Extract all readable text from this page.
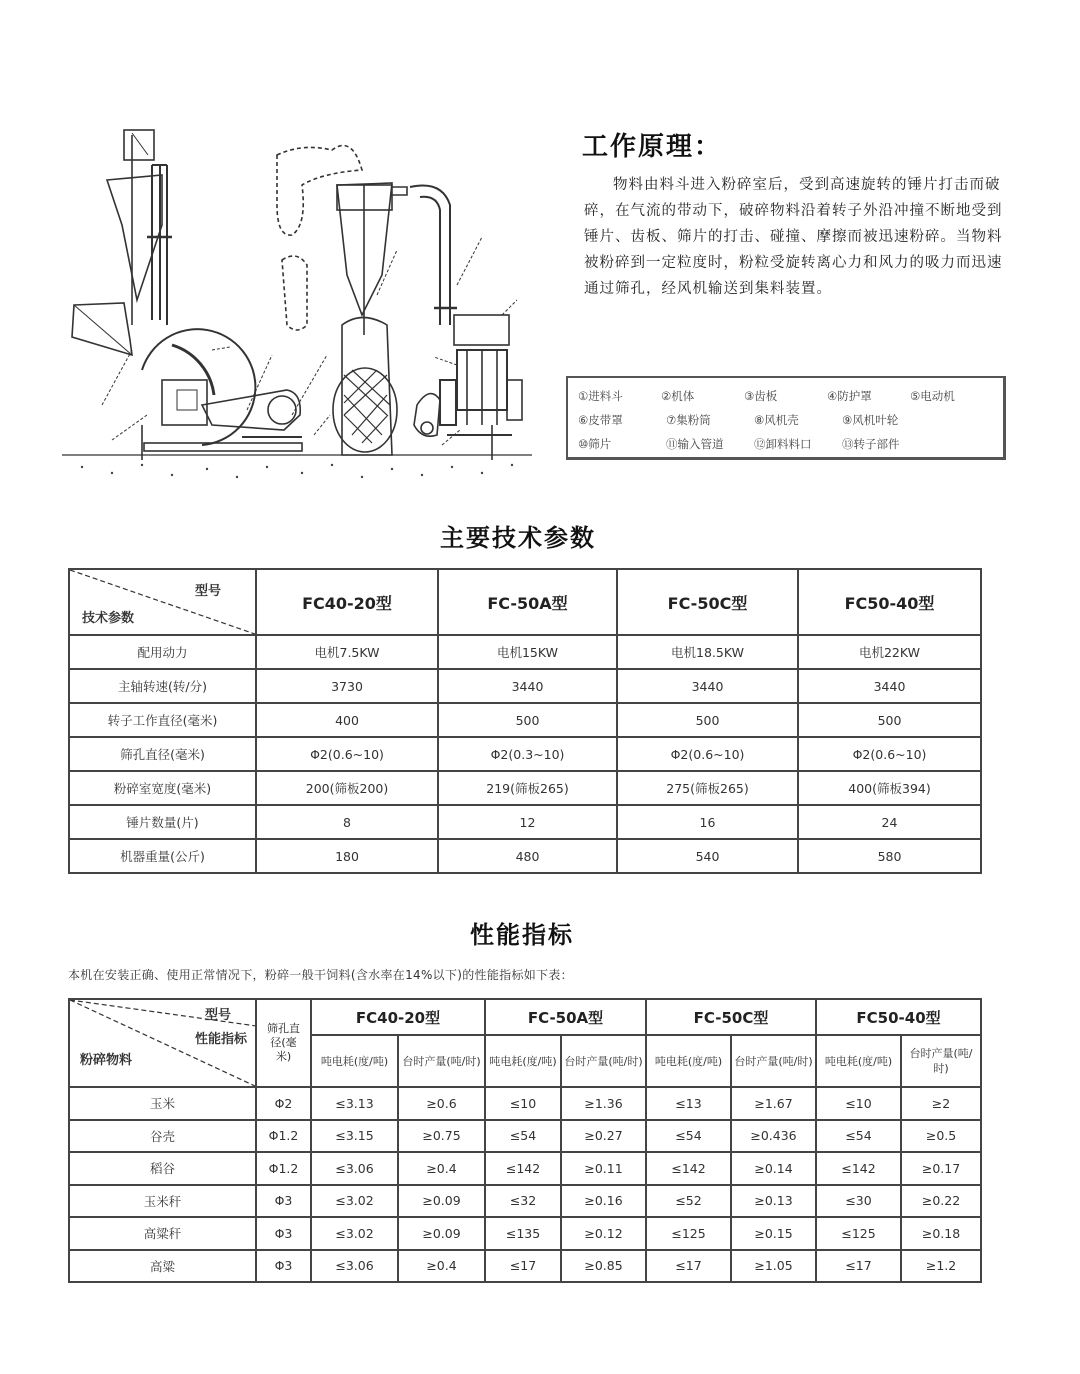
工作原理：
物料由料斗进入粉碎室后，受到高速旋转的锤片打击而破碎，在气流的带动下，破碎物料沿着转子外沿冲撞不断地受到锤片、齿板、筛片的打击、碰撞、摩擦而被迅速粉碎。当物料被粉碎到一定粒度时，粉粒受旋转离心力和风力的吸力而迅速通过筛孔，经风机输送到集料装置。
①进料斗	②机体	③齿板	④防护罩	⑤电动机
⑥皮带罩	⑦集粉筒	⑧风机壳	⑨风机叶轮
⑩筛片	⑪输入管道	⑫卸料料口	⑬转子部件
主要技术参数
型号
技术参数	FC40-20型	FC-50A型	FC-50C型	FC50-40型
配用动力	电机7.5KW	电机15KW	电机18.5KW	电机22KW
主轴转速(转/分)	3730	3440	3440	3440
转子工作直径(毫米)	400	500	500	500
筛孔直径(毫米)	Φ2(0.6~10)	Φ2(0.3~10)	Φ2(0.6~10)	Φ2(0.6~10)
粉碎室宽度(毫米)	200(筛板200)	219(筛板265)	275(筛板265)	400(筛板394)
锤片数量(片)	8	12	16	24
机器重量(公斤)	180	480	540	580
性能指标
本机在安装正确、使用正常情况下，粉碎一般干饲料(含水率在14%以下)的性能指标如下表：
型号
性能指标
粉碎物料	筛孔直径(毫米)	FC40-20型		FC-50A型		FC-50C型		FC50-40型	
		吨电耗(度/吨)	台时产量(吨/时)	吨电耗(度/吨)	台时产量(吨/时)	吨电耗(度/吨)	台时产量(吨/时)	吨电耗(度/吨)	台时产量(吨/时)
玉米	Φ2	≤3.13	≥0.6	≤10	≥1.36	≤13	≥1.67	≤10	≥2
谷壳	Φ1.2	≤3.15	≥0.75	≤54	≥0.27	≤54	≥0.436	≤54	≥0.5
稻谷	Φ1.2	≤3.06	≥0.4	≤142	≥0.11	≤142	≥0.14	≤142	≥0.17
玉米秆	Φ3	≤3.02	≥0.09	≤32	≥0.16	≤52	≥0.13	≤30	≥0.22
高粱秆	Φ3	≤3.02	≥0.09	≤135	≥0.12	≤125	≥0.15	≤125	≥0.18
高粱	Φ3	≤3.06	≥0.4	≤17	≥0.85	≤17	≥1.05	≤17	≥1.2
